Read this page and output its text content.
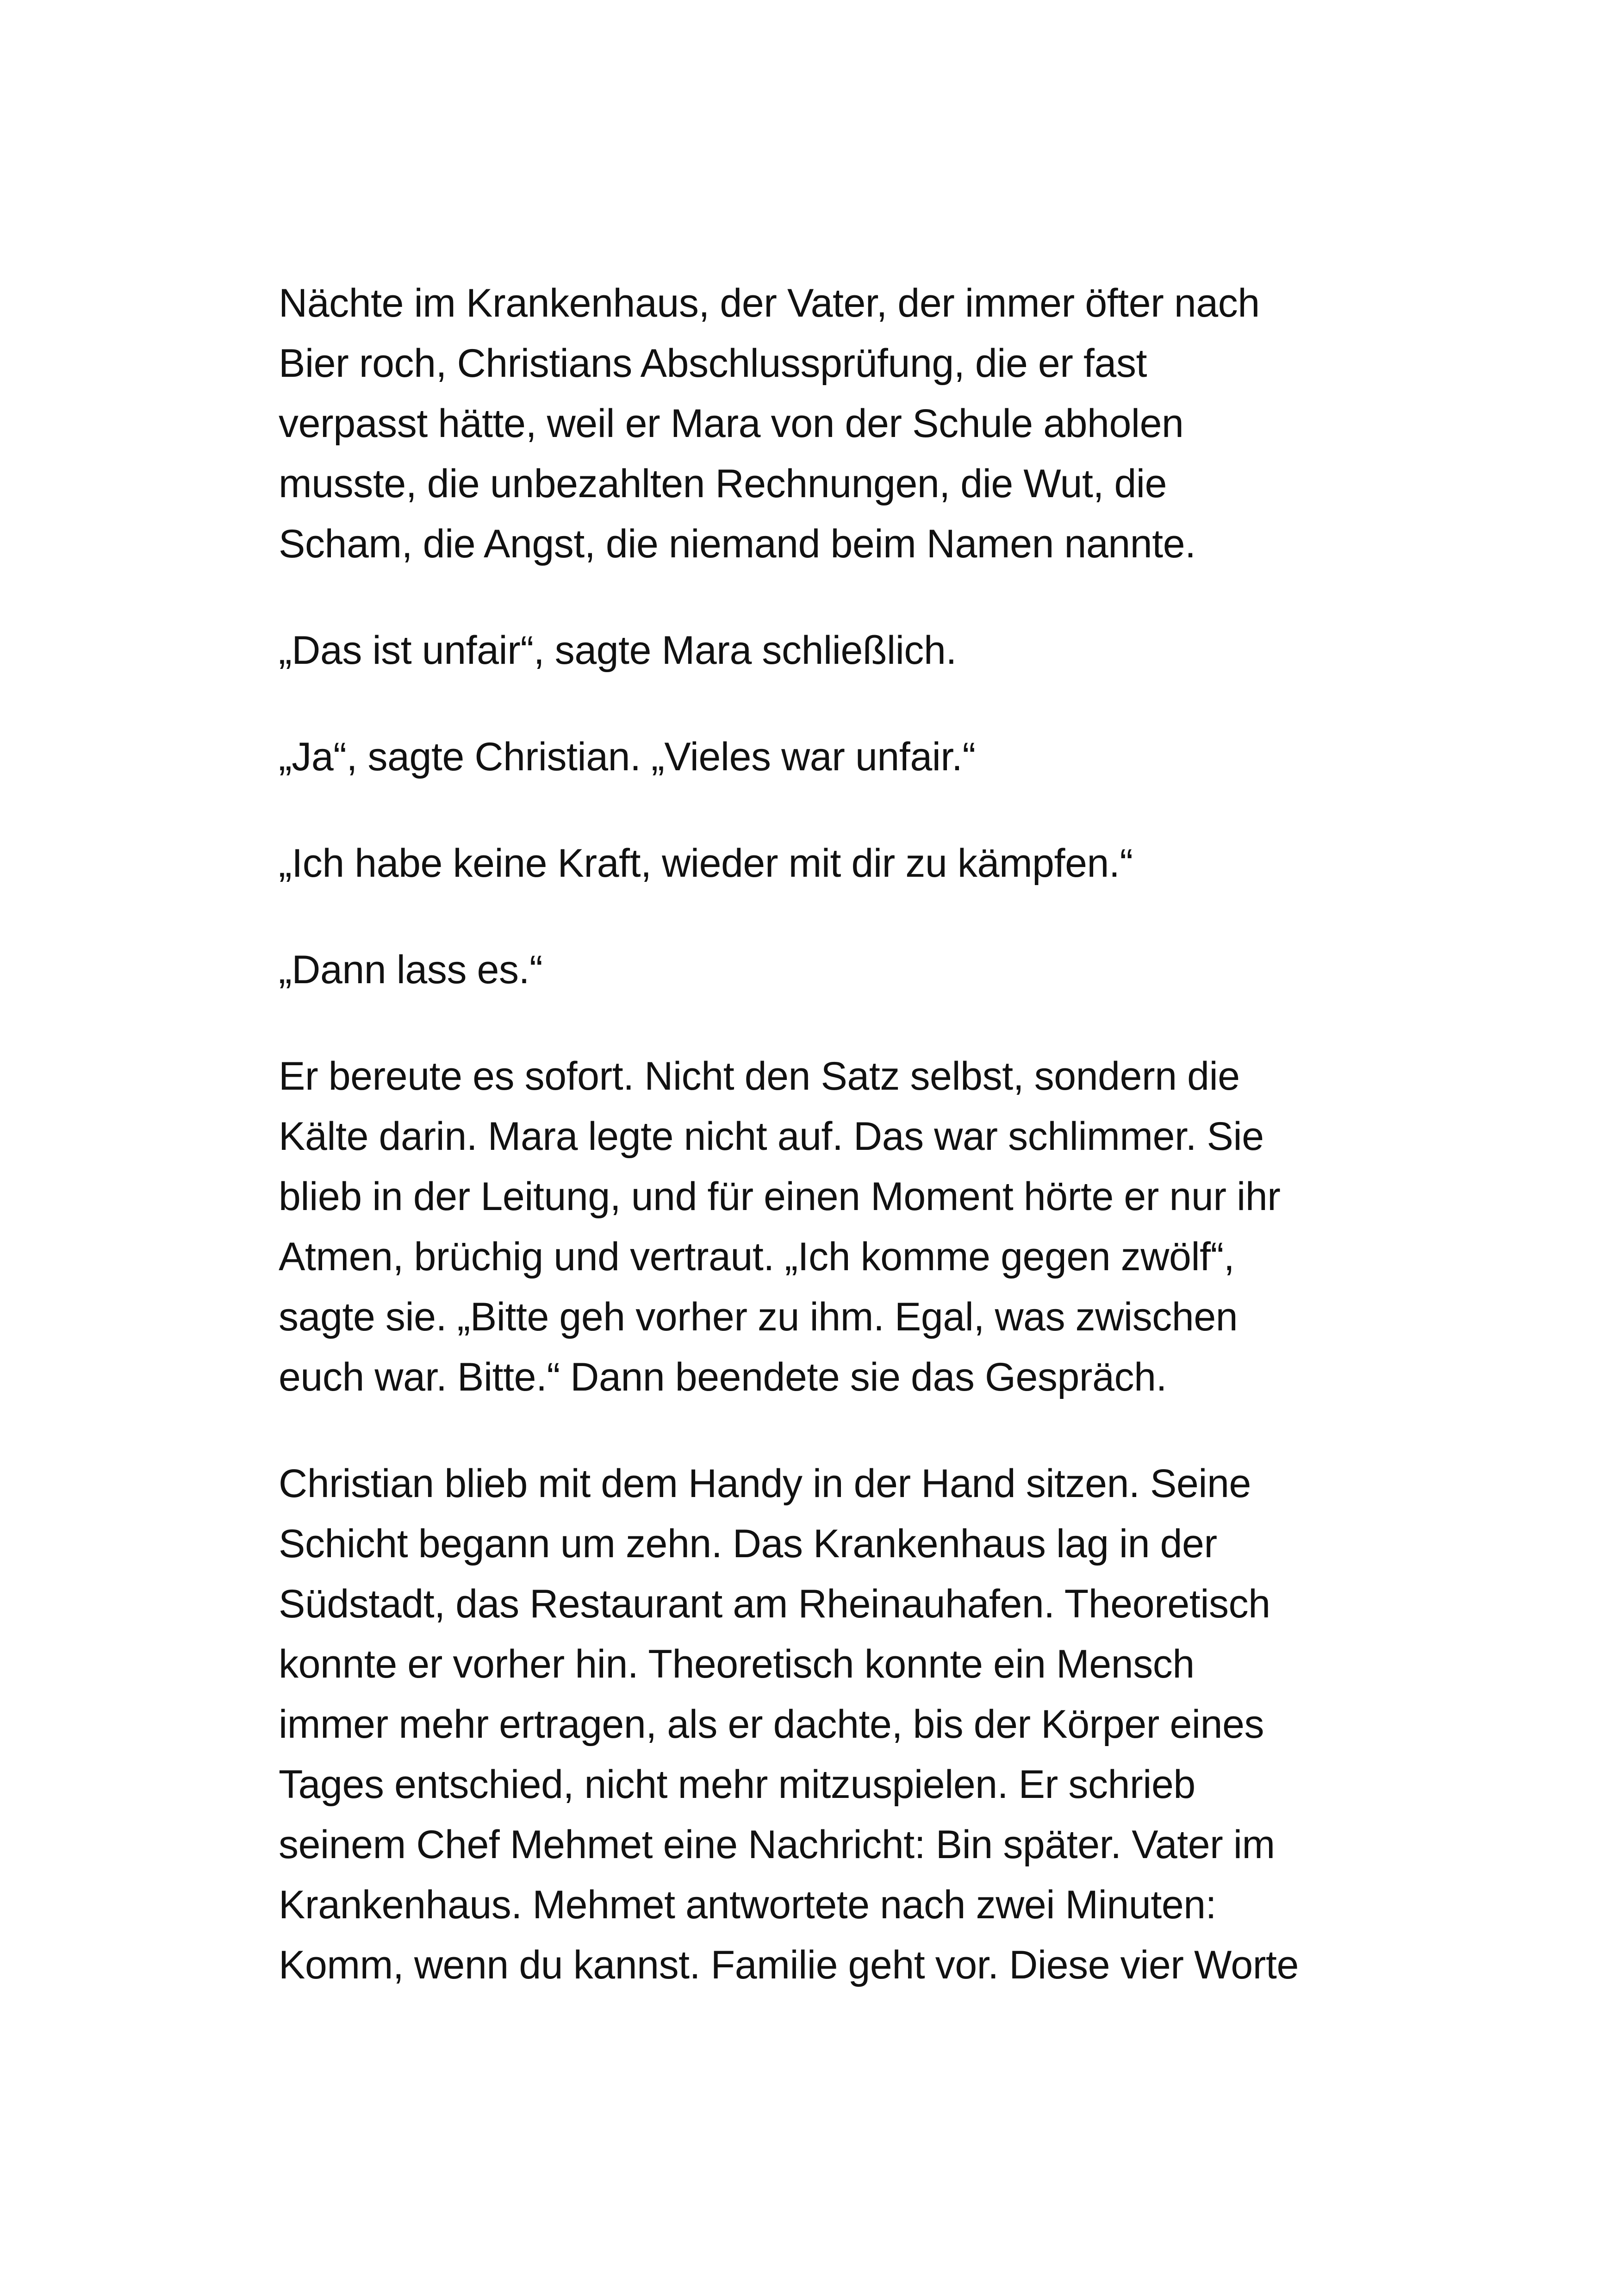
Nächte im Krankenhaus, der Vater, der immer öfter nach
Bier roch, Christians Abschlussprüfung, die er fast
verpasst hätte, weil er Mara von der Schule abholen
musste, die unbezahlten Rechnungen, die Wut, die
Scham, die Angst, die niemand beim Namen nannte.

„Das ist unfair“, sagte Mara schließlich.

„Ja“, sagte Christian. „Vieles war unfair.“

„Ich habe keine Kraft, wieder mit dir zu kämpfen.“

„Dann lass es.“

Er bereute es sofort. Nicht den Satz selbst, sondern die
Kälte darin. Mara legte nicht auf. Das war schlimmer. Sie
blieb in der Leitung, und für einen Moment hörte er nur ihr
Atmen, brüchig und vertraut. „Ich komme gegen zwölf“,
sagte sie. „Bitte geh vorher zu ihm. Egal, was zwischen
euch war. Bitte.“ Dann beendete sie das Gespräch.

Christian blieb mit dem Handy in der Hand sitzen. Seine
Schicht begann um zehn. Das Krankenhaus lag in der
Südstadt, das Restaurant am Rheinauhafen. Theoretisch
konnte er vorher hin. Theoretisch konnte ein Mensch
immer mehr ertragen, als er dachte, bis der Körper eines
Tages entschied, nicht mehr mitzuspielen. Er schrieb
seinem Chef Mehmet eine Nachricht: Bin später. Vater im
Krankenhaus. Mehmet antwortete nach zwei Minuten:
Komm, wenn du kannst. Familie geht vor. Diese vier Worte
